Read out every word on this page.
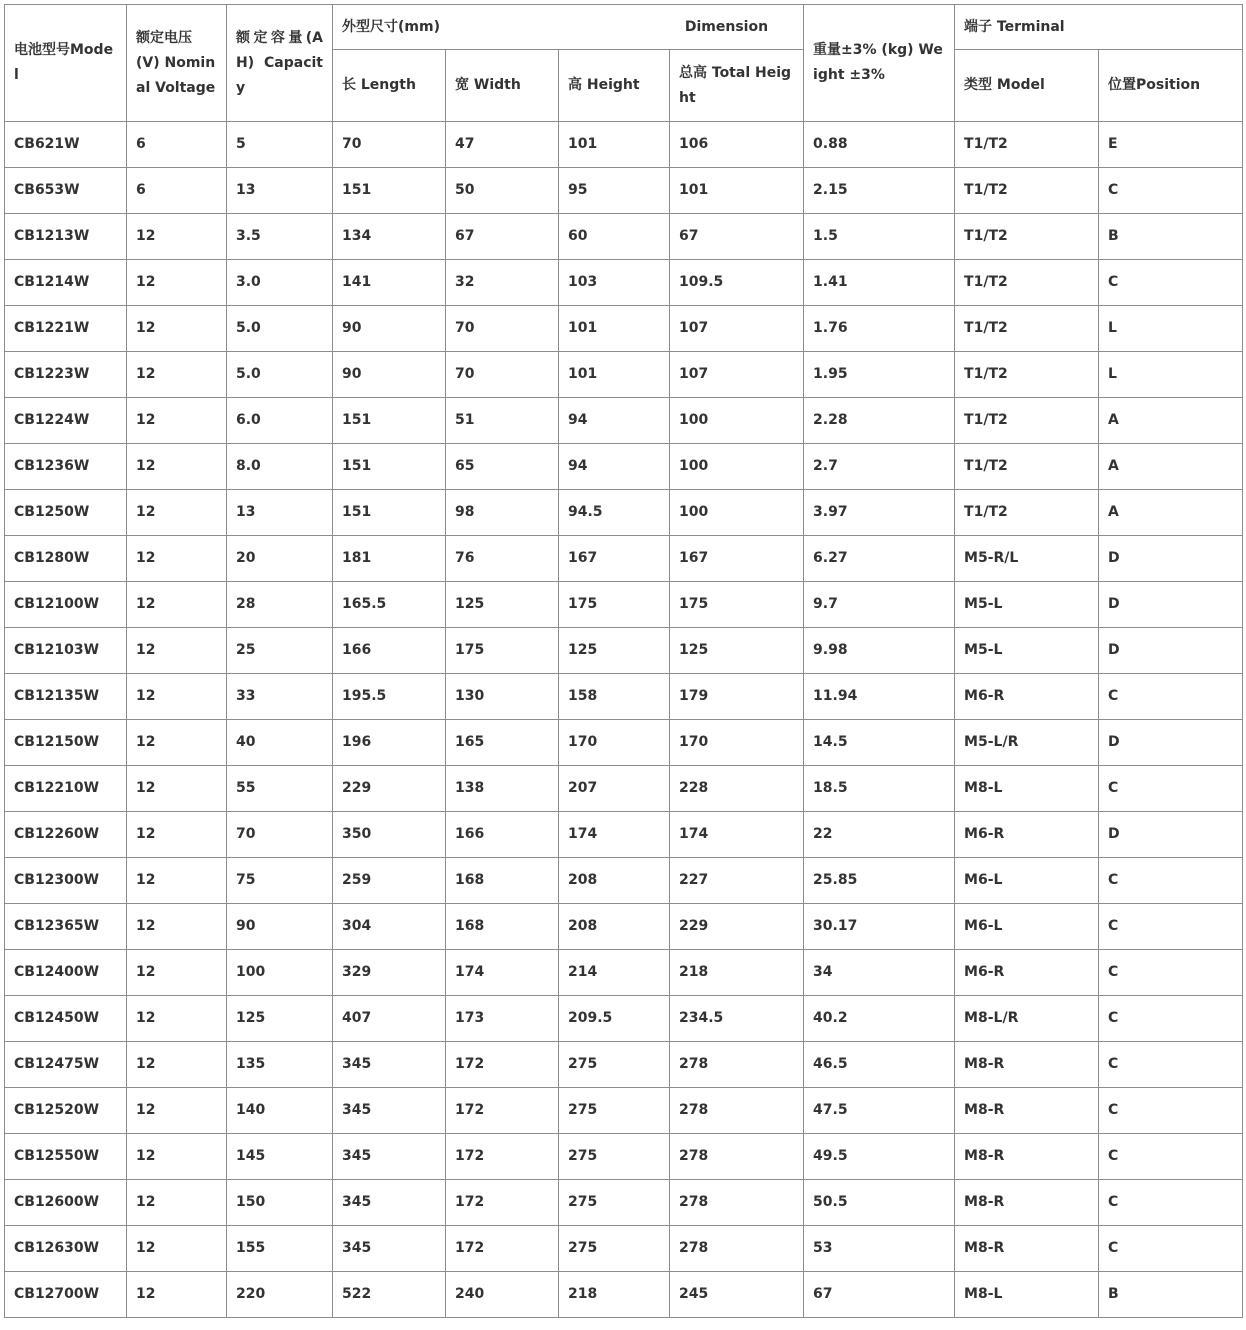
电池型号Model	额定电压 (V) Nominal Voltage	额定容量(AH) Capacity	外型尺寸(mm) Dimension				重量±3% (kg) Weight ±3%	端子 Terminal	
			长 Length	宽 Width	高 Height	总高 Total Height		类型 Model	位置Position
CB621W	6	5	70	47	101	106	0.88	T1/T2	E
CB653W	6	13	151	50	95	101	2.15	T1/T2	C
CB1213W	12	3.5	134	67	60	67	1.5	T1/T2	B
CB1214W	12	3.0	141	32	103	109.5	1.41	T1/T2	C
CB1221W	12	5.0	90	70	101	107	1.76	T1/T2	L
CB1223W	12	5.0	90	70	101	107	1.95	T1/T2	L
CB1224W	12	6.0	151	51	94	100	2.28	T1/T2	A
CB1236W	12	8.0	151	65	94	100	2.7	T1/T2	A
CB1250W	12	13	151	98	94.5	100	3.97	T1/T2	A
CB1280W	12	20	181	76	167	167	6.27	M5-R/L	D
CB12100W	12	28	165.5	125	175	175	9.7	M5-L	D
CB12103W	12	25	166	175	125	125	9.98	M5-L	D
CB12135W	12	33	195.5	130	158	179	11.94	M6-R	C
CB12150W	12	40	196	165	170	170	14.5	M5-L/R	D
CB12210W	12	55	229	138	207	228	18.5	M8-L	C
CB12260W	12	70	350	166	174	174	22	M6-R	D
CB12300W	12	75	259	168	208	227	25.85	M6-L	C
CB12365W	12	90	304	168	208	229	30.17	M6-L	C
CB12400W	12	100	329	174	214	218	34	M6-R	C
CB12450W	12	125	407	173	209.5	234.5	40.2	M8-L/R	C
CB12475W	12	135	345	172	275	278	46.5	M8-R	C
CB12520W	12	140	345	172	275	278	47.5	M8-R	C
CB12550W	12	145	345	172	275	278	49.5	M8-R	C
CB12600W	12	150	345	172	275	278	50.5	M8-R	C
CB12630W	12	155	345	172	275	278	53	M8-R	C
CB12700W	12	220	522	240	218	245	67	M8-L	B
